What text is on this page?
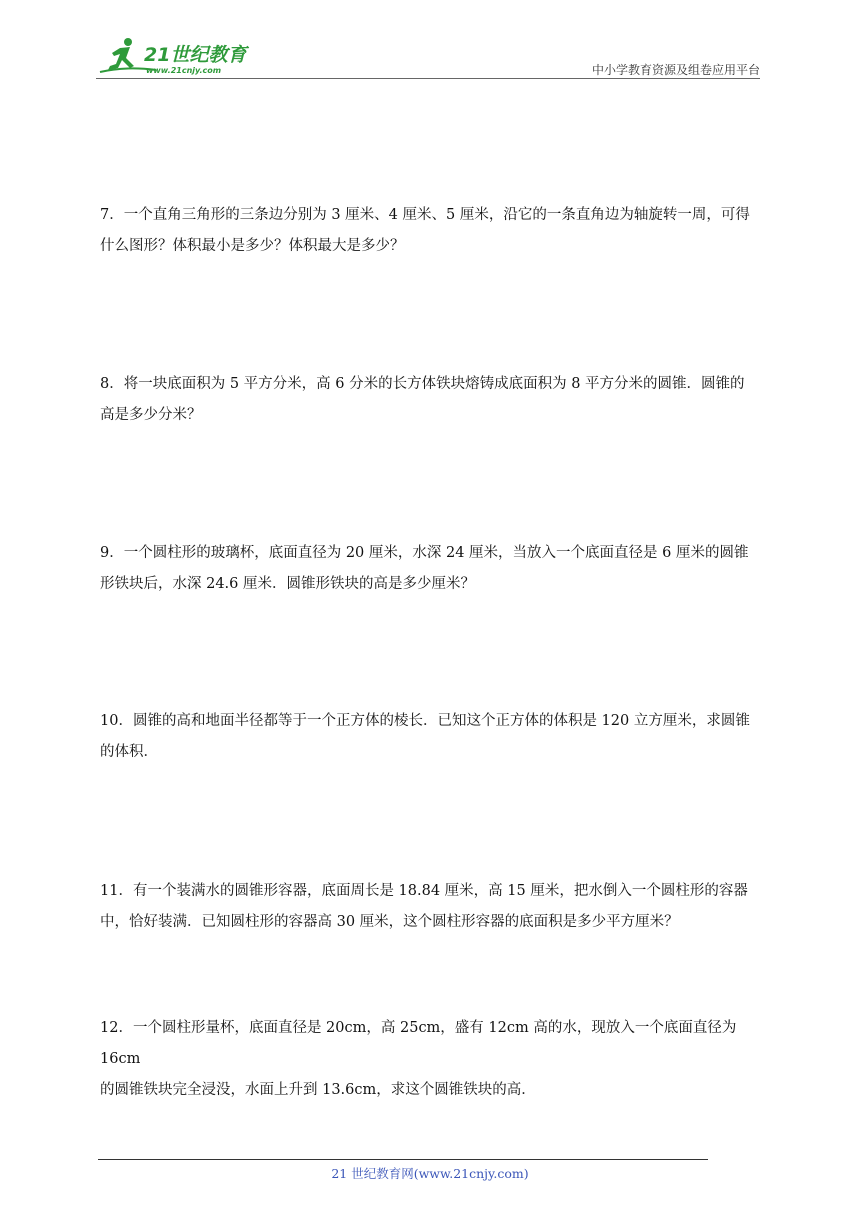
21世纪教育
www.21cnjy.com	中小学教育资源及组卷应用平台
7．一个直角三角形的三条边分别为 3 厘米、4 厘米、5 厘米，沿它的一条直角边为轴旋转一周，可得
什么图形？体积最小是多少？体积最大是多少？
8．将一块底面积为 5 平方分米，高 6 分米的长方体铁块熔铸成底面积为 8 平方分米的圆锥．圆锥的
高是多少分米？
9．一个圆柱形的玻璃杯，底面直径为 20 厘米，水深 24 厘米，当放入一个底面直径是 6 厘米的圆锥
形铁块后，水深 24.6 厘米．圆锥形铁块的高是多少厘米？
10．圆锥的高和地面半径都等于一个正方体的棱长．已知这个正方体的体积是 120 立方厘米，求圆锥
的体积．
11．有一个装满水的圆锥形容器，底面周长是 18.84 厘米，高 15 厘米，把水倒入一个圆柱形的容器
中，恰好装满．已知圆柱形的容器高 30 厘米，这个圆柱形容器的底面积是多少平方厘米？
12．一个圆柱形量杯，底面直径是 20cm，高 25cm，盛有 12cm 高的水，现放入一个底面直径为 16cm
的圆锥铁块完全浸没，水面上升到 13.6cm，求这个圆锥铁块的高．
21 世纪教育网(www.21cnjy.com)
